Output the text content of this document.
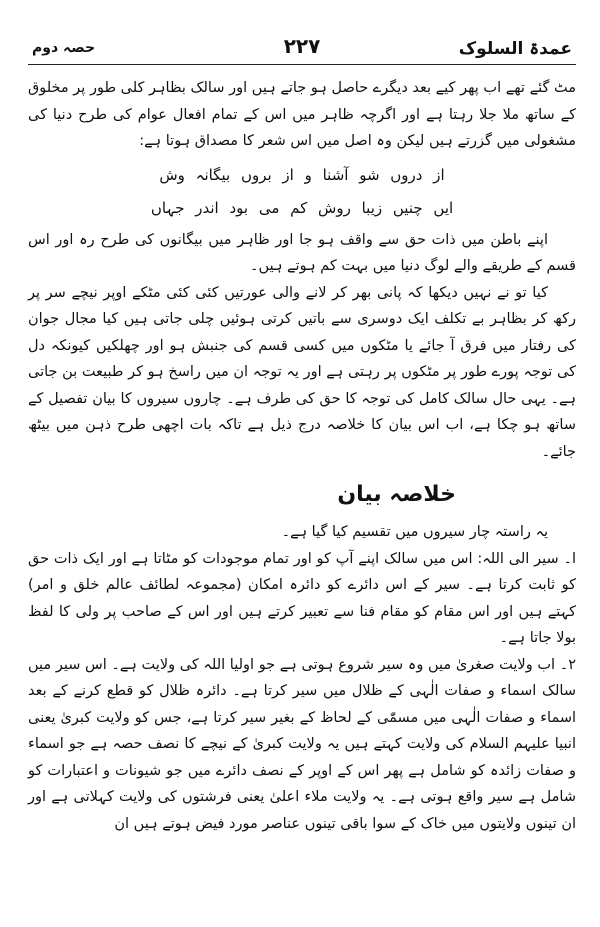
عمدۃ السلوک
۲۲۷
حصہ دوم

مٹ گئے تھے اب پھر کیے بعد دیگرے حاصل ہو جاتے ہیں اور سالک بظاہر کلی طور پر مخلوق کے ساتھ ملا جلا رہتا ہے اور اگرچہ ظاہر میں اس کے تمام افعال عوام کی طرح دنیا کی مشغولی میں گزرتے ہیں لیکن وہ اصل میں اس شعر کا مصداق ہوتا ہے:

از دروں شو آشنا و از بروں بیگانہ وش
ایں چنیں زیبا روش کم می بود اندر جہاں

اپنے باطن میں ذات حق سے واقف ہو جا اور ظاہر میں بیگانوں کی طرح رہ اور اس قسم کے طریقے والے لوگ دنیا میں بہت کم ہوتے ہیں۔

کیا تو نے نہیں دیکھا کہ پانی بھر کر لانے والی عورتیں کئی کئی مٹکے اوپر نیچے سر پر رکھ کر بظاہر بے تکلف ایک دوسری سے باتیں کرتی ہوئیں چلی جاتی ہیں کیا مجال جوان کی رفتار میں فرق آ جائے یا مٹکوں میں کسی قسم کی جنبش ہو اور چھلکیں کیونکہ دل کی توجہ پورے طور پر مٹکوں پر رہتی ہے اور یہ توجہ ان میں راسخ ہو کر طبیعت بن جاتی ہے۔ یہی حال سالک کامل کی توجہ کا حق کی طرف ہے۔ چاروں سیروں کا بیان تفصیل کے ساتھ ہو چکا ہے، اب اس بیان کا خلاصہ درج ذیل ہے تاکہ بات اچھی طرح ذہن میں بیٹھ جائے۔

خلاصہ بیان

یہ راستہ چار سیروں میں تقسیم کیا گیا ہے۔

ا۔ سیر الی اللہ: اس میں سالک اپنے آپ کو اور تمام موجودات کو مٹاتا ہے اور ایک ذات حق کو ثابت کرتا ہے۔ سیر کے اس دائرے کو دائرہ امکان (مجموعہ لطائف عالم خلق و امر) کہتے ہیں اور اس مقام کو مقام فنا سے تعبیر کرتے ہیں اور اس کے صاحب پر ولی کا لفظ بولا جاتا ہے۔

۲۔ اب ولایت صغریٰ میں وہ سیر شروع ہوتی ہے جو اولیا اللہ کی ولایت ہے۔ اس سیر میں سالک اسماء و صفات الٰہی کے ظلال میں سیر کرتا ہے۔ دائرہ ظلال کو قطع کرنے کے بعد اسماء و صفات الٰہی میں مسمّٰی کے لحاظ کے بغیر سیر کرتا ہے، جس کو ولایت کبریٰ یعنی انبیا علیہم السلام کی ولایت کہتے ہیں یہ ولایت کبریٰ کے نیچے کا نصف حصہ ہے جو اسماء و صفات زائدہ کو شامل ہے پھر اس کے اوپر کے نصف دائرے میں جو شیونات و اعتبارات کو شامل ہے سیر واقع ہوتی ہے۔ یہ ولایت ملاء اعلیٰ یعنی فرشتوں کی ولایت کہلاتی ہے اور ان تینوں ولایتوں میں خاک کے سوا باقی تینوں عناصر مورد فیض ہوتے ہیں ان
